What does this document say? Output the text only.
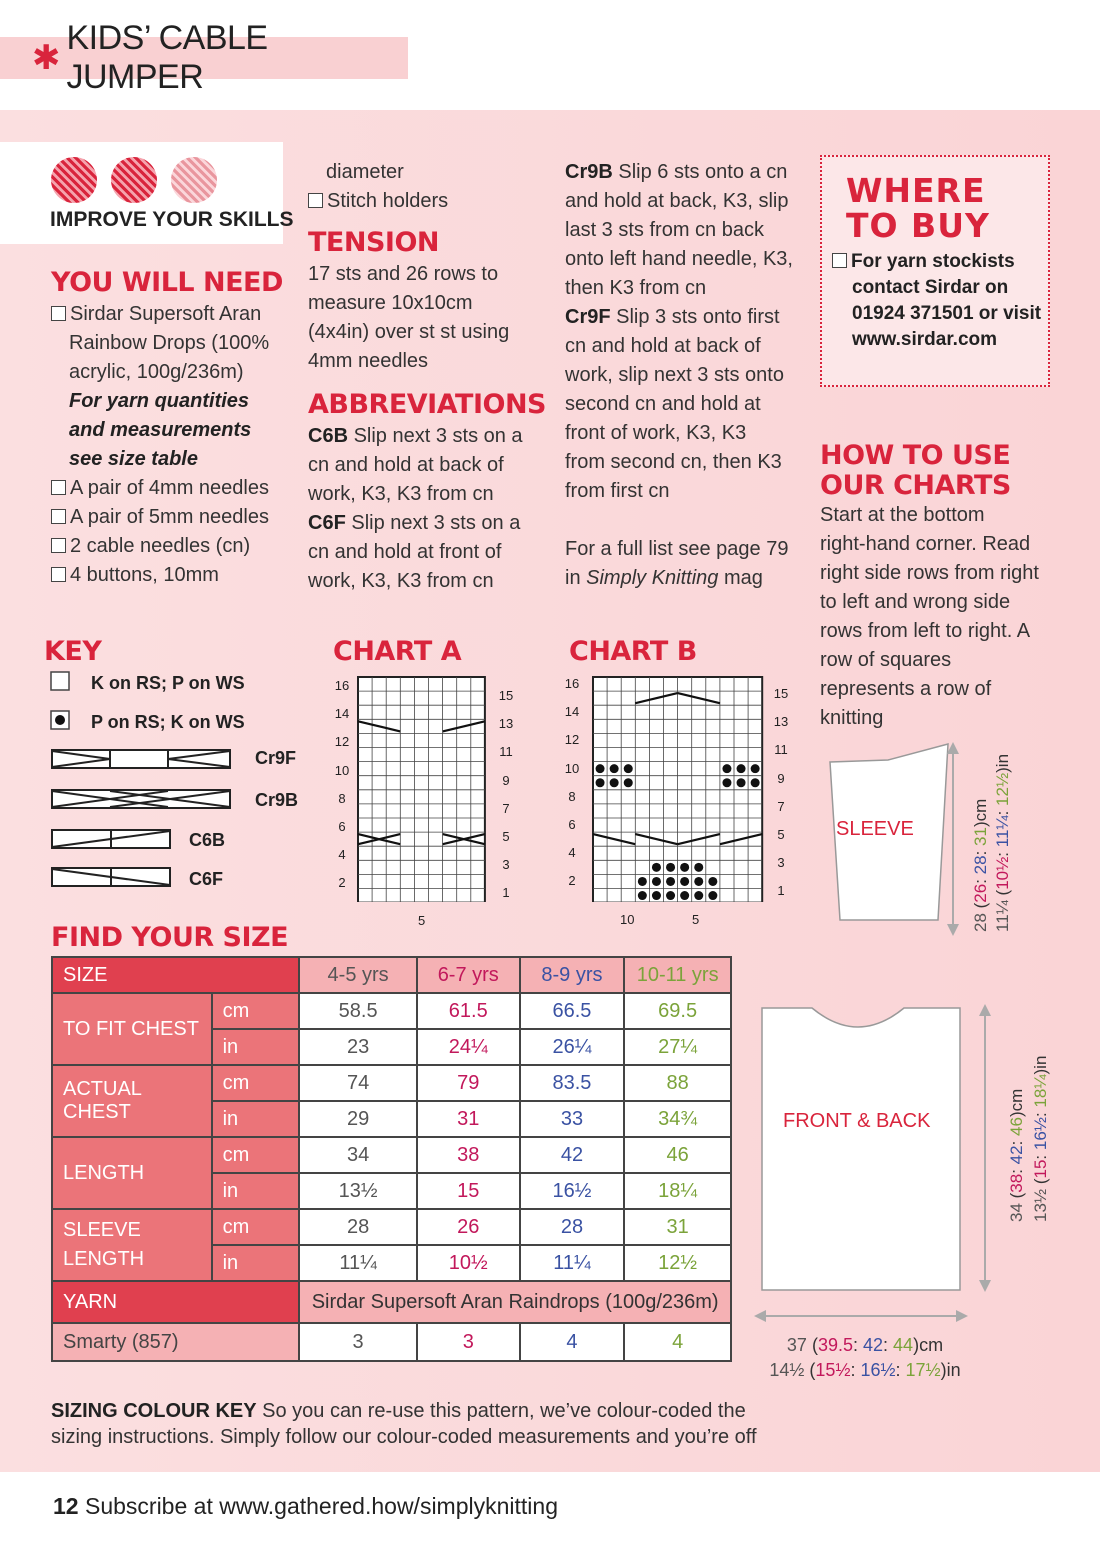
✱
KIDS’ CABLE JUMPER
IMPROVE YOUR SKILLS
YOU WILL NEED
Sirdar Supersoft Aran
Rainbow Drops (100%
acrylic, 100g/236m)
For yarn quantities
and measurements
see size table
A pair of 4mm needles
A pair of 5mm needles
2 cable needles (cn)
4 buttons, 10mm
diameter
Stitch holders
TENSION
17 sts and 26 rows to
measure 10x10cm
(4x4in) over st st using
4mm needles
ABBREVIATIONS
C6B Slip next 3 sts on a
cn and hold at back of
work, K3, K3 from cn
C6F Slip next 3 sts on a
cn and hold at front of
work, K3, K3 from cn
Cr9B Slip 6 sts onto a cn
and hold at back, K3, slip
last 3 sts from cn back
onto left hand needle, K3,
then K3 from cn
Cr9F Slip 3 sts onto first
cn and hold at back of
work, slip next 3 sts onto
second cn and hold at
front of work, K3, K3
from second cn, then K3
from first cn
For a full list see page 79
in Simply Knitting mag
WHERE
TO BUY
For yarn stockists
contact Sirdar on
01924 371501 or visit
www.sirdar.com
HOW TO USE
OUR CHARTS
Start at the bottom
right-hand corner. Read
right side rows from right
to left and wrong side
rows from left to right. A
row of squares
represents a row of
knitting
KEY
K on RS; P on WS
P on RS; K on WS
Cr9F
Cr9B
C6B
C6F
CHART A
16
14
12
10
8
6
4
2
15
13
11
9
7
5
3
1
5
CHART B
16
14
12
10
8
6
4
2
15
13
11
9
7
5
3
1
10	5
SLEEVE
28 (26: 28: 31)cm
11¼ (10½: 11¼: 12½)in
FIND YOUR SIZE
SIZE		4-5 yrs	6-7 yrs	8-9 yrs	10-11 yrs
TO FIT CHEST	cm	58.5	61.5	66.5	69.5
	in	23	24¼	26¼	27¼
ACTUAL CHEST	cm	74	79	83.5	88
	in	29	31	33	34¾
LENGTH	cm	34	38	42	46
	in	13½	15	16½	18¼

SLEEVE
LENGTH	cm	28	26	28	31
	in	11¼	10½	11¼	12½
YARN		Sirdar Supersoft Aran Raindrops (100g/236m)			
Smarty (857)		3	3	4	4
FRONT & BACK
34 (38: 42: 46)cm
13½ (15: 16½: 18¼)in
37 (39.5: 42: 44)cm
14½ (15½: 16½: 17½)in
SIZING COLOUR KEY So you can re-use this pattern, we’ve colour-coded the
sizing instructions. Simply follow our colour-coded measurements and you’re off
12 Subscribe at www.gathered.how/simplyknitting
